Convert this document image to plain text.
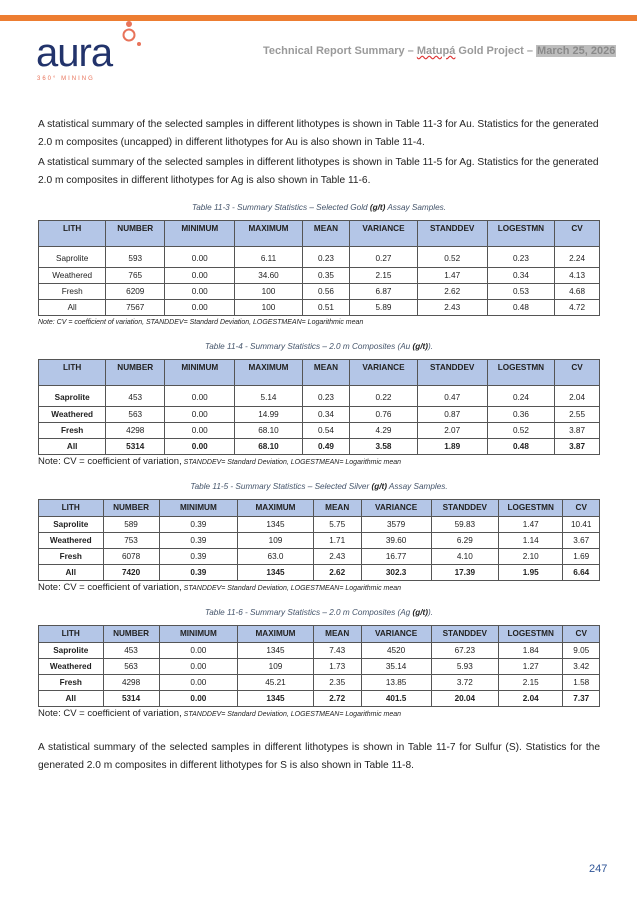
aura
360° MINING
Technical Report Summary – Matupá Gold Project – March 25, 2026

A statistical summary of the selected samples in different lithotypes is shown in Table 11-3 for Au. Statistics for the generated 2.0 m composites (uncapped) in different lithotypes for Au is also shown in Table 11-4.

A statistical summary of the selected samples in different lithotypes is shown in Table 11-5 for Ag. Statistics for the generated 2.0 m composites in different lithotypes for Ag is also shown in Table 11-6.

Table 11-3 - Summary Statistics – Selected Gold (g/t) Assay Samples.
LITH	NUMBER	MINIMUM	MAXIMUM	MEAN	VARIANCE	STANDDEV	LOGESTMN	CV
Saprolite	593	0.00	6.11	0.23	0.27	0.52	0.23	2.24
Weathered	765	0.00	34.60	0.35	2.15	1.47	0.34	4.13
Fresh	6209	0.00	100	0.56	6.87	2.62	0.53	4.68
All	7567	0.00	100	0.51	5.89	2.43	0.48	4.72
Note: CV = coefficient of variation, STANDDEV= Standard Deviation, LOGESTMEAN= Logarithmic mean
Table 11-4 - Summary Statistics – 2.0 m Composites (Au (g/t)).
LITH	NUMBER	MINIMUM	MAXIMUM	MEAN	VARIANCE	STANDDEV	LOGESTMN	CV
Saprolite	453	0.00	5.14	0.23	0.22	0.47	0.24	2.04
Weathered	563	0.00	14.99	0.34	0.76	0.87	0.36	2.55
Fresh	4298	0.00	68.10	0.54	4.29	2.07	0.52	3.87
All	5314	0.00	68.10	0.49	3.58	1.89	0.48	3.87
Note: CV = coefficient of variation, STANDDEV= Standard Deviation, LOGESTMEAN= Logarithmic mean
Table 11-5 - Summary Statistics – Selected Silver (g/t) Assay Samples.
LITH	NUMBER	MINIMUM	MAXIMUM	MEAN	VARIANCE	STANDDEV	LOGESTMN	CV
Saprolite	589	0.39	1345	5.75	3579	59.83	1.47	10.41
Weathered	753	0.39	109	1.71	39.60	6.29	1.14	3.67
Fresh	6078	0.39	63.0	2.43	16.77	4.10	2.10	1.69
All	7420	0.39	1345	2.62	302.3	17.39	1.95	6.64
Note: CV = coefficient of variation, STANDDEV= Standard Deviation, LOGESTMEAN= Logarithmic mean
Table 11-6 - Summary Statistics – 2.0 m Composites (Ag (g/t)).
LITH	NUMBER	MINIMUM	MAXIMUM	MEAN	VARIANCE	STANDDEV	LOGESTMN	CV
Saprolite	453	0.00	1345	7.43	4520	67.23	1.84	9.05
Weathered	563	0.00	109	1.73	35.14	5.93	1.27	3.42
Fresh	4298	0.00	45.21	2.35	13.85	3.72	2.15	1.58
All	5314	0.00	1345	2.72	401.5	20.04	2.04	7.37
Note: CV = coefficient of variation, STANDDEV= Standard Deviation, LOGESTMEAN= Logarithmic mean

A statistical summary of the selected samples in different lithotypes is shown in Table 11-7 for Sulfur (S). Statistics for the generated 2.0 m composites in different lithotypes for S is also shown in Table 11-8.

247
